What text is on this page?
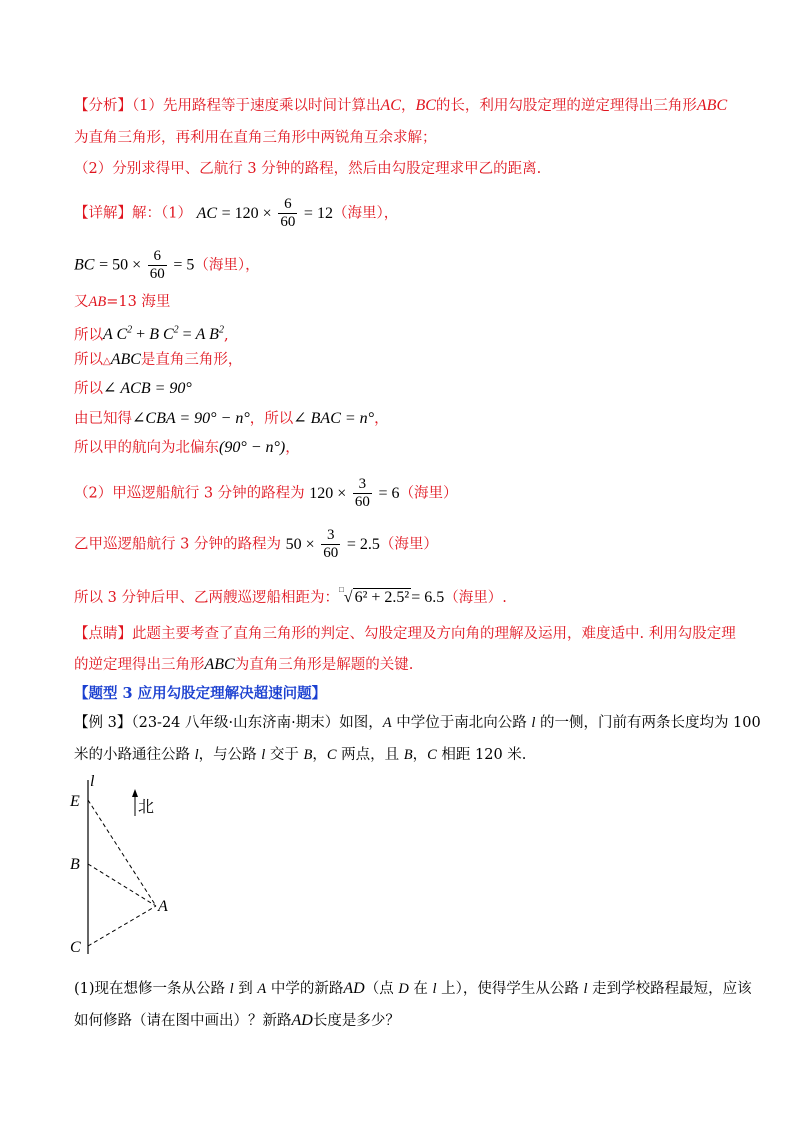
【分析】（1）先用路程等于速度乘以时间计算出AC，BC的长，利用勾股定理的逆定理得出三角形ABC
为直角三角形，再利用在直角三角形中两锐角互余求解；
（2）分别求得甲、乙航行 3 分钟的路程，然后由勾股定理求甲乙的距离.
【详解】解：（1） AC = $120 \times \frac{6}{60} = 12$（海里），
BC = $50 \times \frac{6}{60} = 5$（海里），
又AB=13 海里
所以A $C^2 + B$ $C^2 = A$ $B^2$,
所以△ABC是直角三角形，
所以∠ ACB = 90°
由已知得∠CBA = 90° − n°，所以∠ BAC = n°，
所以甲的航向为北偏东(90° − n°)，
（2）甲巡逻船航行 3 分钟的路程为 $120 \times \frac{3}{60} = 6$（海里）
乙甲巡逻船航行 3 分钟的路程为 $50 \times \frac{3}{60} = 2.5$（海里）
所以 3 分钟后甲、乙两艘巡逻船相距为：□√ 6² + 2.5² = 6.5（海里）.
【点睛】此题主要考查了直角三角形的判定、勾股定理及方向角的理解及运用，难度适中. 利用勾股定理
的逆定理得出三角形ABC为直角三角形是解题的关键.
【题型 3 应用勾股定理解决超速问题】
【例 3】（23-24 八年级·山东济南·期末）如图，A 中学位于南北向公路 l 的一侧，门前有两条长度均为 100
米的小路通往公路 l，与公路 l 交于 B，C 两点，且 B，C 相距 120 米.
l
E
B
C
A
北
(1)现在想修一条从公路 l 到 A 中学的新路AD（点 D 在 l 上），使得学生从公路 l 走到学校路程最短，应该
如何修路（请在图中画出）？新路AD长度是多少？
